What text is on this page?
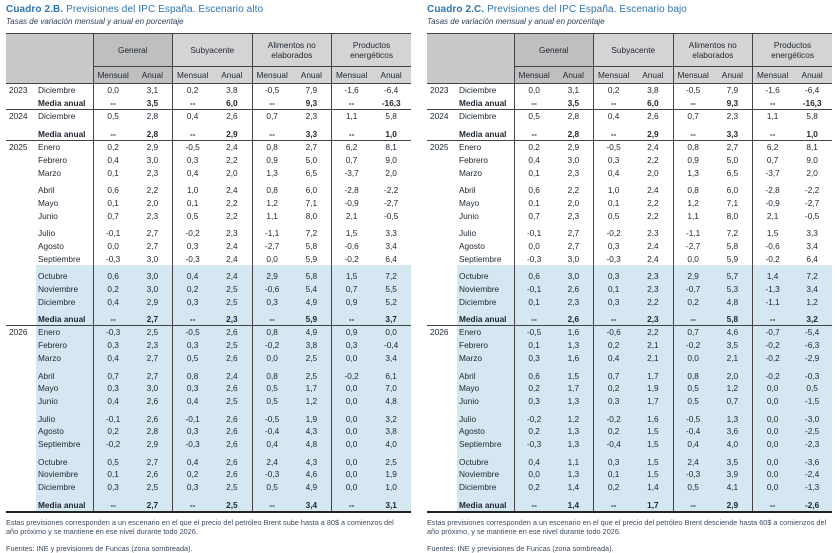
Cuadro 2.B. Previsiones del IPC España. Escenario alto
Tasas de variación mensual y anual en porcentaje
		General		Subyacente		Alimentos no elaborados		Productos energéticos	
		Mensual	Anual	Mensual	Anual	Mensual	Anual	Mensual	Anual
2023	Diciembre	0,0	3,1	0,2	3,8	-0,5	7,9	-1,6	-6,4
	Media anual	--	3,5	--	6,0	--	9,3	--	-16,3
2024	Diciembre	0,5	2,8	0,4	2,6	0,7	2,3	1,1	5,8
	Media anual	--	2,8	--	2,9	--	3,3	--	1,0
2025	Enero	0,2	2,9	-0,5	2,4	0,8	2,7	6,2	8,1
	Febrero	0,4	3,0	0,3	2,2	0,9	5,0	0,7	9,0
	Marzo	0,1	2,3	0,4	2,0	1,3	6,5	-3,7	2,0
	Abril	0,6	2,2	1,0	2,4	0,8	6,0	-2,8	-2,2
	Mayo	0,1	2,0	0,1	2,2	1,2	7,1	-0,9	-2,7
	Junio	0,7	2,3	0,5	2,2	1,1	8,0	2,1	-0,5
	Julio	-0,1	2,7	-0,2	2,3	-1,1	7,2	1,5	3,3
	Agosto	0,0	2,7	0,3	2,4	-2,7	5,8	-0,6	3,4
	Septiembre	-0,3	3,0	-0,3	2,4	0,0	5,9	-0,2	6,4
	Octubre	0,6	3,0	0,4	2,4	2,9	5,8	1,5	7,2
	Noviembre	0,2	3,0	0,2	2,5	-0,6	5,4	0,7	5,5
	Diciembre	0,4	2,9	0,3	2,5	0,3	4,9	0,9	5,2
	Media anual	--	2,7	--	2,3	--	5,9	--	3,7
2026	Enero	-0,3	2,5	-0,5	2,6	0,8	4,9	0,9	0,0
	Febrero	0,3	2,3	0,3	2,5	-0,2	3,8	0,3	-0,4
	Marzo	0,4	2,7	0,5	2,6	0,0	2,5	0,0	3,4
	Abril	0,7	2,7	0,8	2,4	0,8	2,5	-0,2	6,1
	Mayo	0,3	3,0	0,3	2,6	0,5	1,7	0,0	7,0
	Junio	0,4	2,6	0,4	2,5	0,5	1,2	0,0	4,8
	Julio	-0,1	2,6	-0,1	2,6	-0,5	1,9	0,0	3,2
	Agosto	0,2	2,8	0,3	2,6	-0,4	4,3	0,0	3,8
	Septiembre	-0,2	2,9	-0,3	2,6	0,4	4,8	0,0	4,0
	Octubre	0,5	2,7	0,4	2,6	2,4	4,3	0,0	2,5
	Noviembre	0,1	2,6	0,2	2,6	-0,3	4,6	0,0	1,9
	Diciembre	0,3	2,5	0,3	2,5	0,5	4,9	0,0	1,0
	Media anual	--	2,7	--	2,5	--	3,4	--	3,1
Estas previsiones corresponden a un escenario en el que el precio del petróleo Brent sube hasta a 80$ a comienzos del año próximo y se mantiene en ese nivel durante todo 2026.
Fuentes: INE y previsiones de Funcas (zona sombreada).
Cuadro 2.C. Previsiones del IPC España. Escenario bajo
Tasas de variación mensual y anual en porcentaje
		General		Subyacente		Alimentos no elaborados		Productos energéticos	
		Mensual	Anual	Mensual	Anual	Mensual	Anual	Mensual	Anual
2023	Diciembre	0,0	3,1	0,2	3,8	-0,5	7,9	-1,6	-6,4
	Media anual	--	3,5	--	6,0	--	9,3	--	-16,3
2024	Diciembre	0,5	2,8	0,4	2,6	0,7	2,3	1,1	5,8
	Media anual	--	2,8	--	2,9	--	3,3	--	1,0
2025	Enero	0,2	2,9	-0,5	2,4	0,8	2,7	6,2	8,1
	Febrero	0,4	3,0	0,3	2,2	0,9	5,0	0,7	9,0
	Marzo	0,1	2,3	0,4	2,0	1,3	6,5	-3,7	2,0
	Abril	0,6	2,2	1,0	2,4	0,8	6,0	-2,8	-2,2
	Mayo	0,1	2,0	0,1	2,2	1,2	7,1	-0,9	-2,7
	Junio	0,7	2,3	0,5	2,2	1,1	8,0	2,1	-0,5
	Julio	-0,1	2,7	-0,2	2,3	-1,1	7,2	1,5	3,3
	Agosto	0,0	2,7	0,3	2,4	-2,7	5,8	-0,6	3,4
	Septiembre	-0,3	3,0	-0,3	2,4	0,0	5,9	-0,2	6,4
	Octubre	0,6	3,0	0,3	2,3	2,9	5,7	1,4	7,2
	Noviembre	-0,1	2,6	0,1	2,3	-0,7	5,3	-1,3	3,4
	Diciembre	0,1	2,3	0,3	2,2	0,2	4,8	-1,1	1,2
	Media anual	--	2,6	--	2,3	--	5,8	--	3,2
2026	Enero	-0,5	1,6	-0,6	2,2	0,7	4,6	-0,7	-5,4
	Febrero	0,1	1,3	0,2	2,1	-0,2	3,5	-0,2	-6,3
	Marzo	0,3	1,6	0,4	2,1	0,0	2,1	-0,2	-2,9
	Abril	0,6	1,5	0,7	1,7	0,8	2,0	-0,2	-0,3
	Mayo	0,2	1,7	0,2	1,9	0,5	1,2	0,0	0,5
	Junio	0,3	1,3	0,3	1,7	0,5	0,7	0,0	-1,5
	Julio	-0,2	1,2	-0,2	1,6	-0,5	1,3	0,0	-3,0
	Agosto	0,2	1,3	0,2	1,5	-0,4	3,6	0,0	-2,5
	Septiembre	-0,3	1,3	-0,4	1,5	0,4	4,0	0,0	-2,3
	Octubre	0,4	1,1	0,3	1,5	2,4	3,5	0,0	-3,6
	Noviembre	0,0	1,3	0,1	1,5	-0,3	3,9	0,0	-2,4
	Diciembre	0,2	1,4	0,2	1,4	0,5	4,1	0,0	-1,3
	Media anual	--	1,4	--	1,7	--	2,9	--	-2,6
Estas previsiones corresponden a un escenario en el que el precio del petróleo Brent desciende hasta 60$ a comienzos del año próximo, y se mantiene en ese nivel durante todo 2026.
Fuentes: INE y previsiones de Funcas (zona sombreada).
